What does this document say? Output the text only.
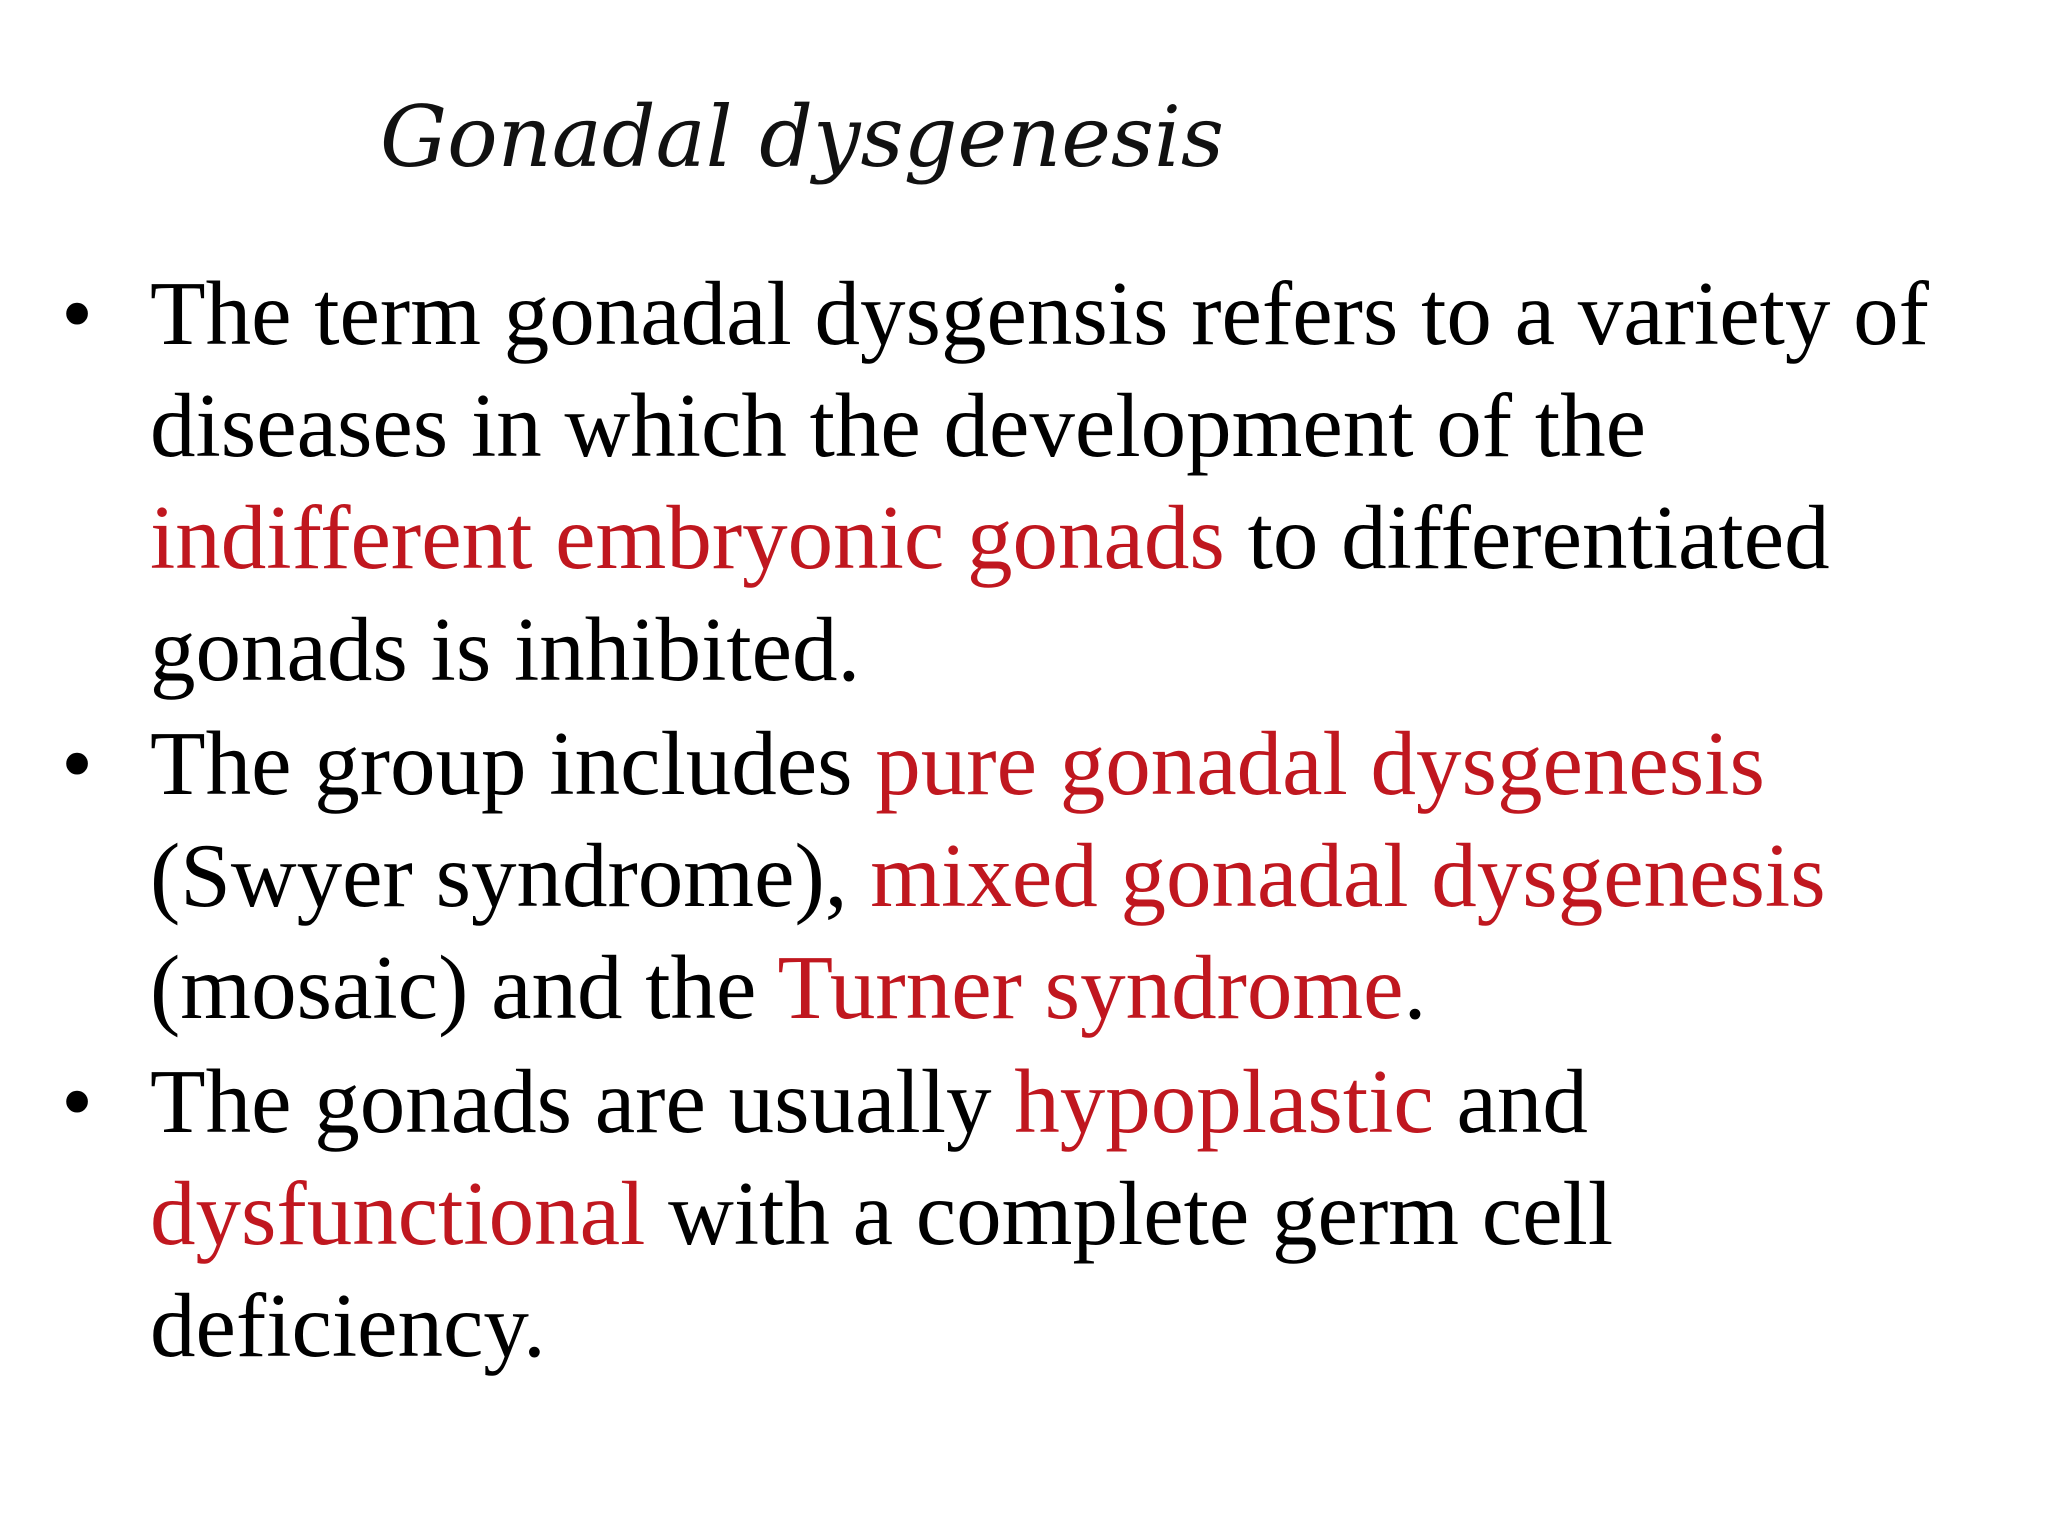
Gonadal dysgenesis
• The term gonadal dysgensis refers to a variety of diseases in which the development of the indifferent embryonic gonads to differentiated gonads is inhibited.
• The group includes pure gonadal dysgenesis (Swyer syndrome), mixed gonadal dysgenesis (mosaic) and the Turner syndrome.
• The gonads are usually hypoplastic and dysfunctional with a complete germ cell deficiency.
